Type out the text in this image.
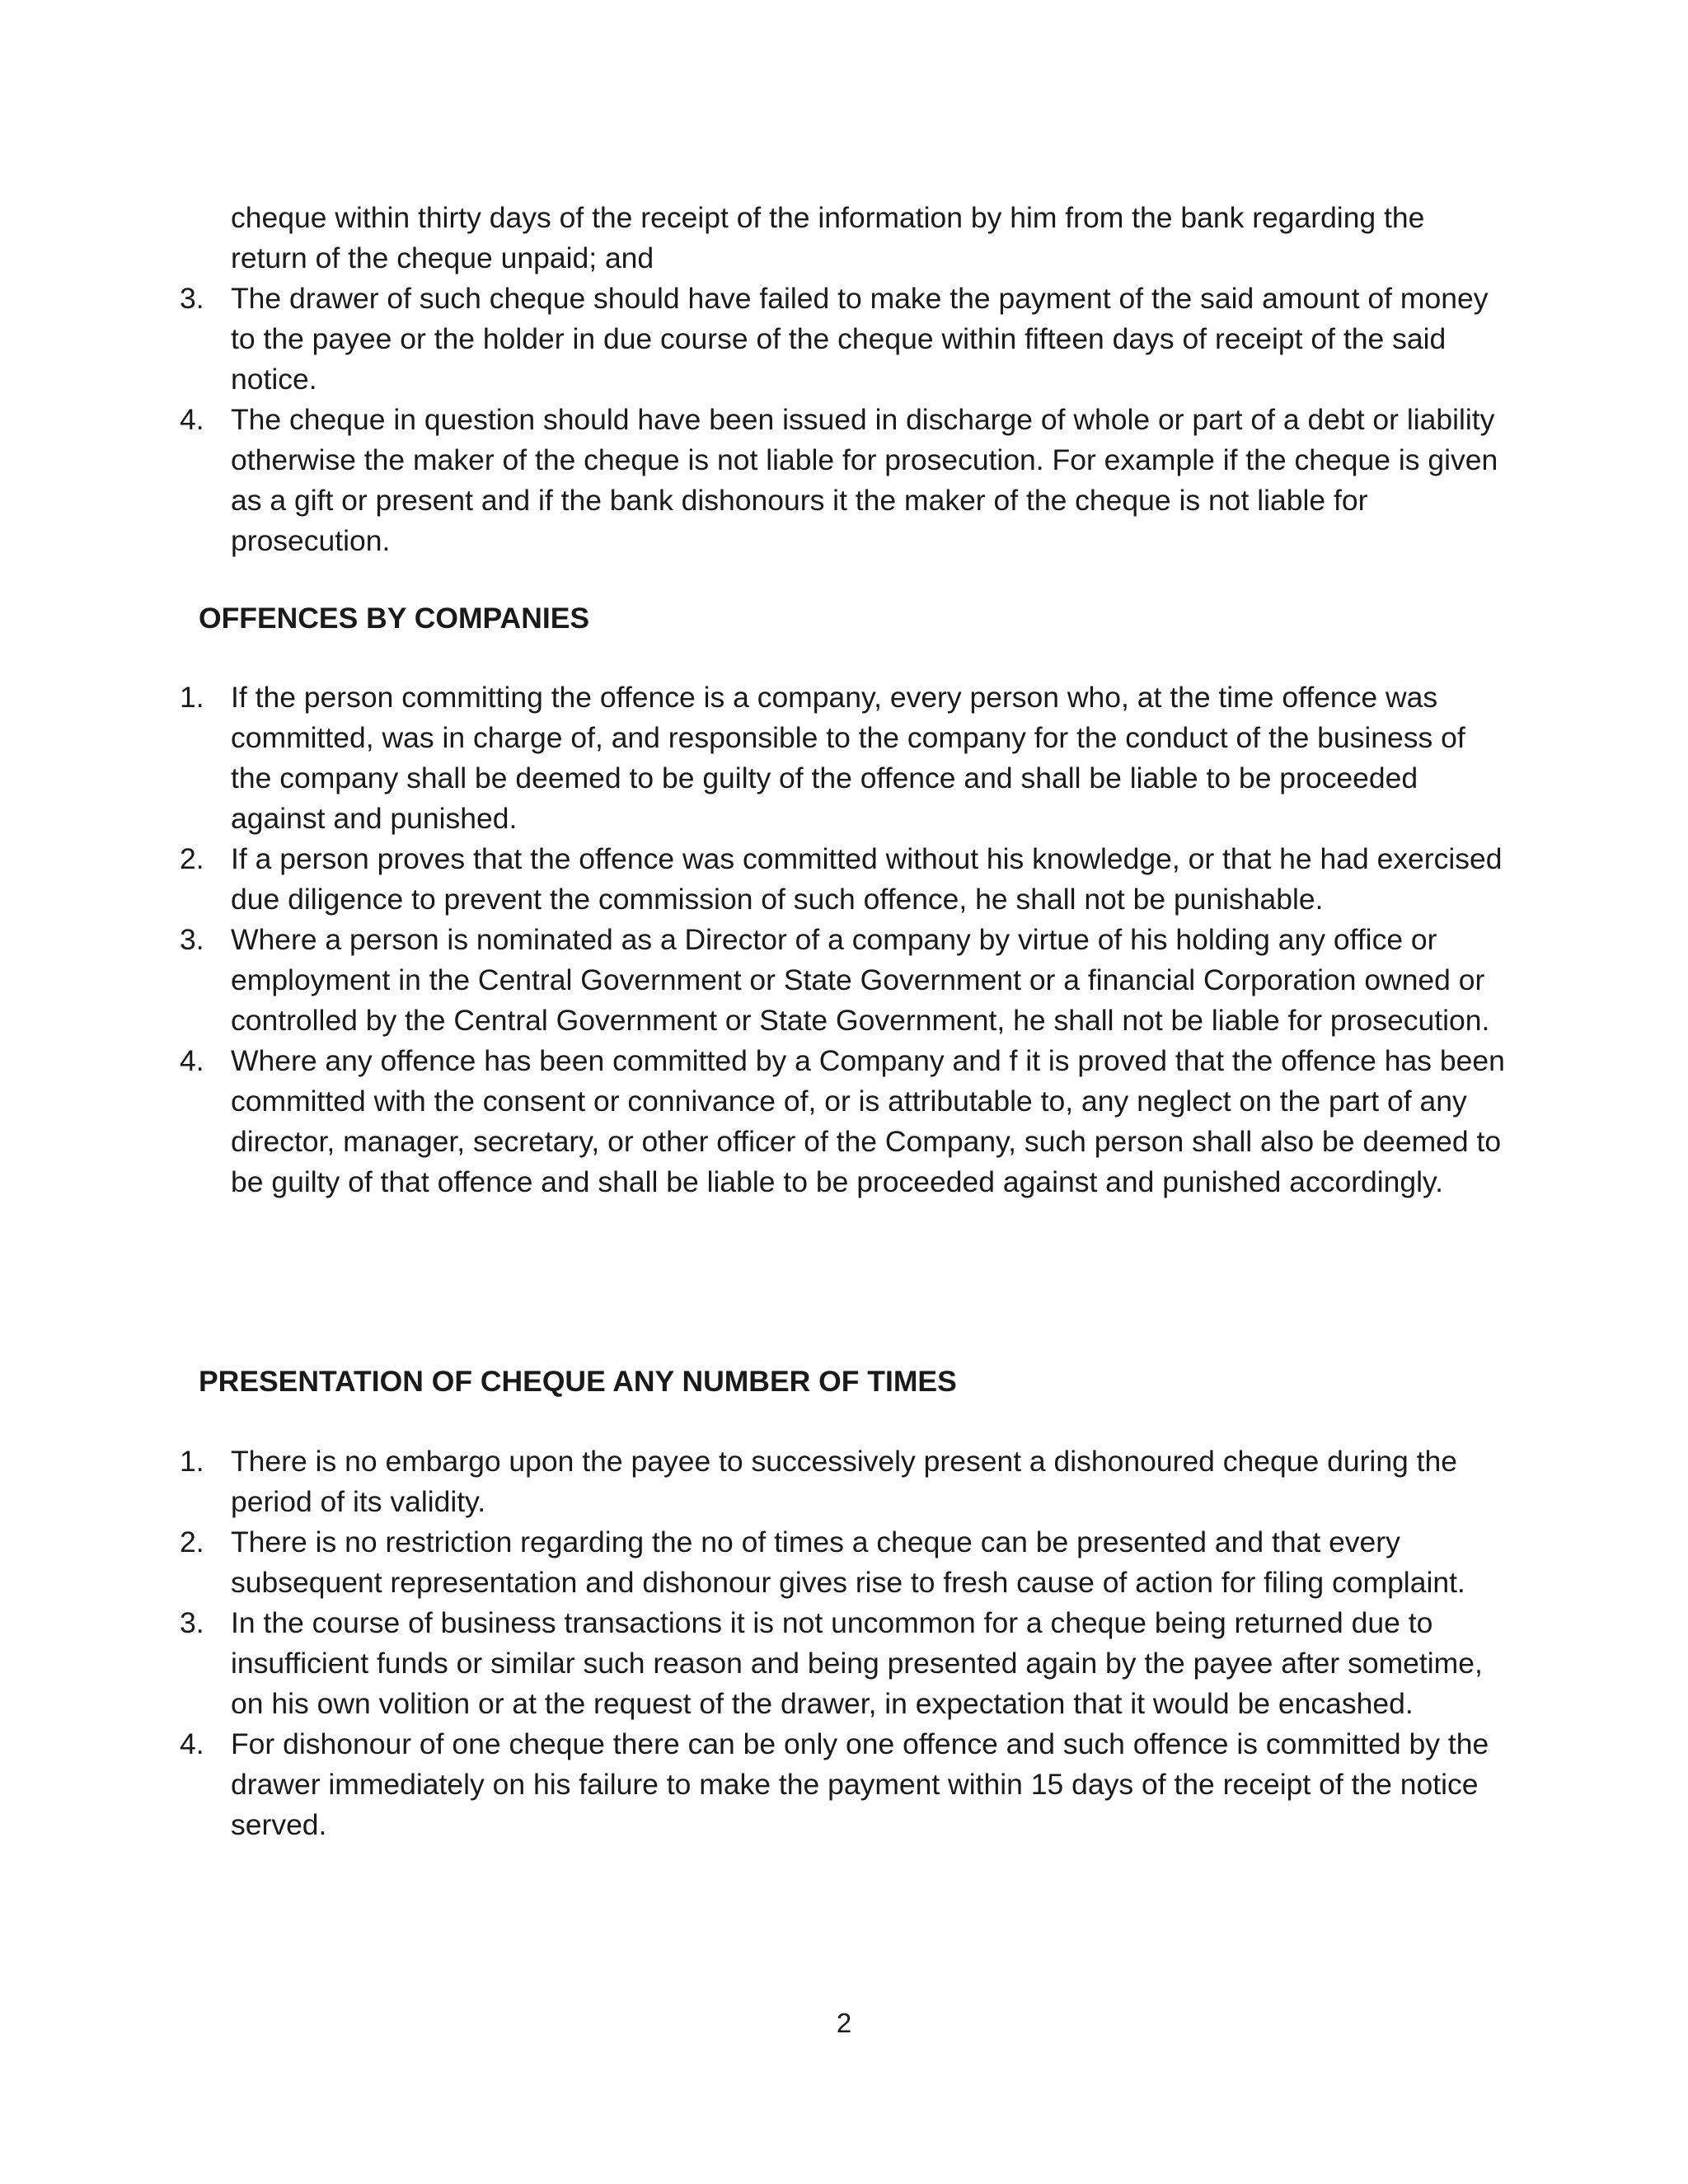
cheque within thirty days of the receipt of the information by him from the bank regarding the return of the cheque unpaid; and
3. The drawer of such cheque should have failed to make the payment of the said amount of money to the payee or the holder in due course of the cheque within fifteen days of receipt of the said notice.
4. The cheque in question should have been issued in discharge of whole or part of a debt or liability otherwise the maker of the cheque is not liable for prosecution. For example if the cheque is given as a gift or present and if the bank dishonours it the maker of the cheque is not liable for prosecution.
OFFENCES BY COMPANIES
1. If the person committing the offence is a company, every person who, at the time offence was committed, was in charge of, and responsible to the company for the conduct of the business of the company shall be deemed to be guilty of the offence and shall be liable to be proceeded against and punished.
2. If a person proves that the offence was committed without his knowledge, or that he had exercised due diligence to prevent the commission of such offence, he shall not be punishable.
3. Where a person is nominated as a Director of a company by virtue of his holding any office or employment in the Central Government or State Government or a financial Corporation owned or controlled by the Central Government or State Government, he shall not be liable for prosecution.
4. Where any offence has been committed by a Company and f it is proved that the offence has been committed with the consent or connivance of, or is attributable to, any neglect on the part of any director, manager, secretary, or other officer of the Company, such person shall also be deemed to be guilty of that offence and shall be liable to be proceeded against and punished accordingly.
PRESENTATION OF CHEQUE ANY NUMBER OF TIMES
1. There is no embargo upon the payee to successively present a dishonoured cheque during the period of its validity.
2. There is no restriction regarding the no of times a cheque can be presented and that every subsequent representation and dishonour gives rise to fresh cause of action for filing complaint.
3. In the course of business transactions it is not uncommon for a cheque being returned due to insufficient funds or similar such reason and being presented again by the payee after sometime, on his own volition or at the request of the drawer, in expectation that it would be encashed.
4. For dishonour of one cheque there can be only one offence and such offence is committed by the drawer immediately on his failure to make the payment within 15 days of the receipt of the notice served.
2
